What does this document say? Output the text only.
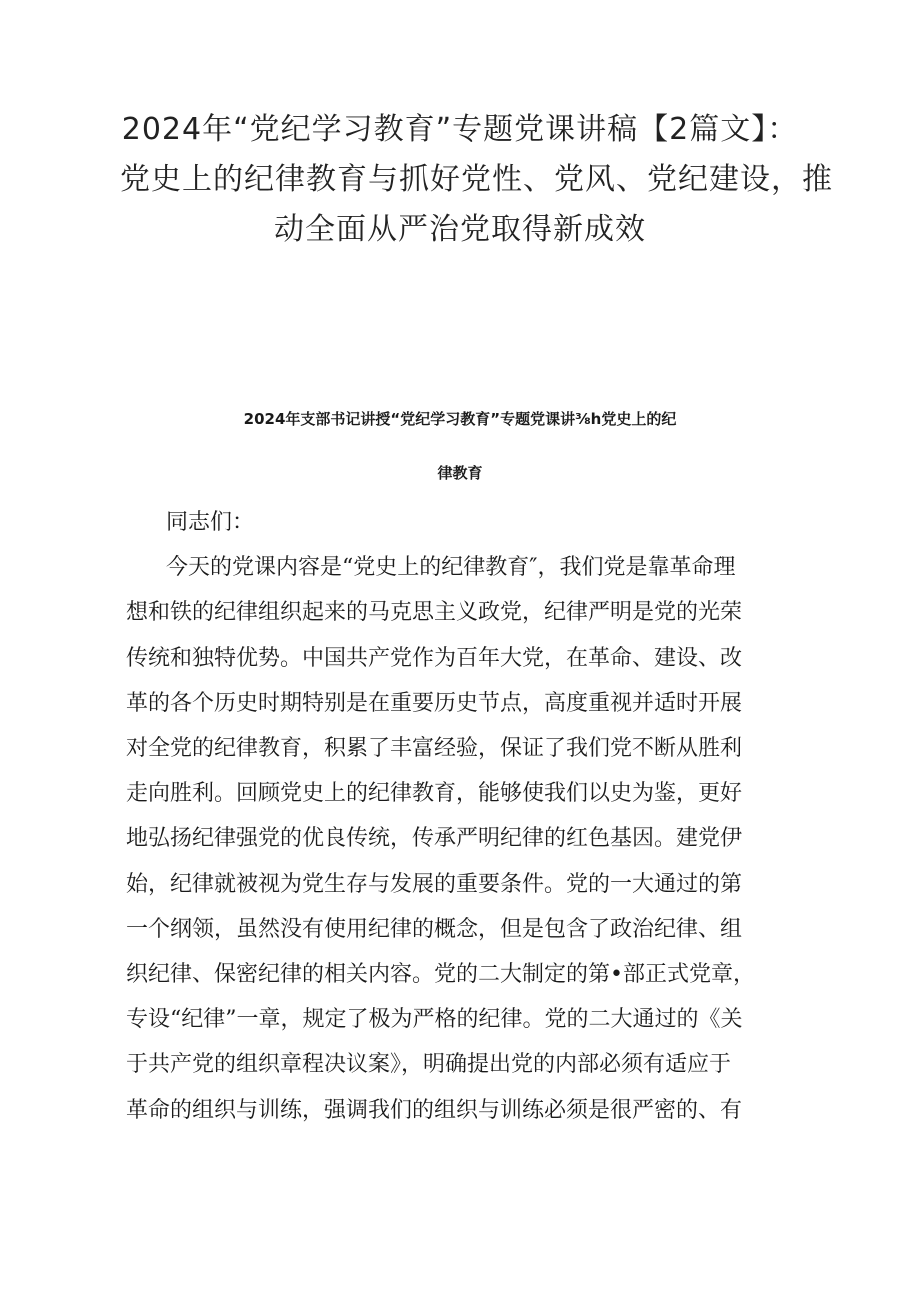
2024年“党纪学习教育”专题党课讲稿【2篇文】：
党史上的纪律教育与抓好党性、党风、党纪建设，推
动全面从严治党取得新成效
2024年支部书记讲授“党纪学习教育”专题党课讲⅜h党史上的纪
律教育
同志们：
今天的党课内容是“党史上的纪律教育″，我们党是靠革命理
想和铁的纪律组织起来的马克思主义政党，纪律严明是党的光荣
传统和独特优势。中国共产党作为百年大党，在革命、建设、改
革的各个历史时期特别是在重要历史节点，高度重视并适时开展
对全党的纪律教育，积累了丰富经验，保证了我们党不断从胜利
走向胜利。回顾党史上的纪律教育，能够使我们以史为鉴，更好
地弘扬纪律强党的优良传统，传承严明纪律的红色基因。建党伊
始，纪律就被视为党生存与发展的重要条件。党的一大通过的第
一个纲领，虽然没有使用纪律的概念，但是包含了政治纪律、组
织纪律、保密纪律的相关内容。党的二大制定的第•部正式党章，
专设“纪律”一章，规定了极为严格的纪律。党的二大通过的《关
于共产党的组织章程决议案》，明确提出党的内部必须有适应于
革命的组织与训练，强调我们的组织与训练必须是很严密的、有
